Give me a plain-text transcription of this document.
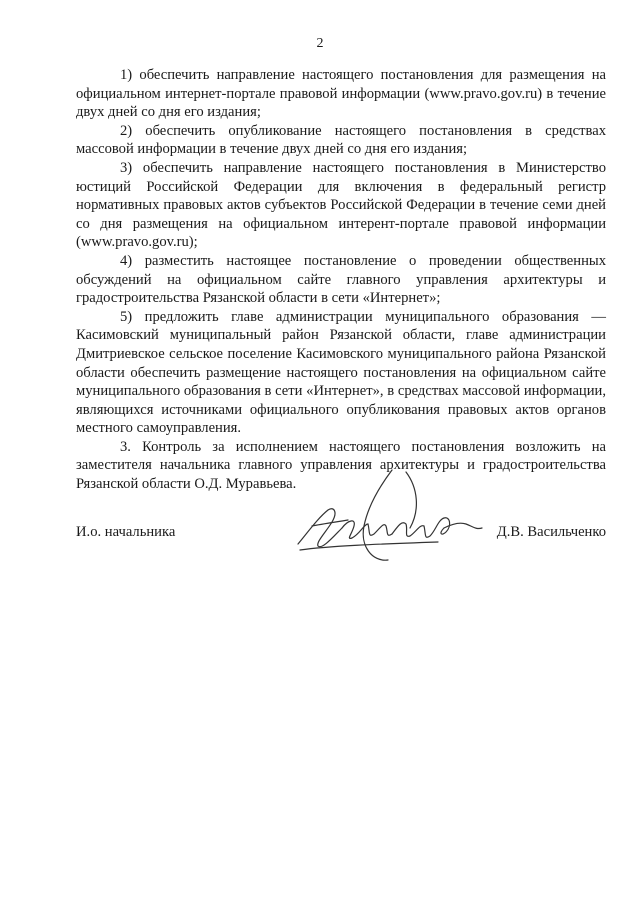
2

1) обеспечить направление настоящего постановления для размещения на официальном интернет-портале правовой информации (www.pravo.gov.ru) в течение двух дней со дня его издания;

2) обеспечить опубликование настоящего постановления в средствах массовой информации в течение двух дней со дня его издания;

3) обеспечить направление настоящего постановления в Министерство юстиций Российской Федерации для включения в федеральный регистр нормативных правовых актов субъектов Российской Федерации в течение семи дней со дня размещения на официальном интерент-портале правовой информации (www.pravo.gov.ru);

4) разместить настоящее постановление о проведении общественных обсуждений на официальном сайте главного управления архитектуры и градостроительства Рязанской области в сети «Интернет»;

5) предложить главе администрации муниципального образования — Касимовский муниципальный район Рязанской области, главе администрации Дмитриевское сельское поселение Касимовского муниципального района Рязанской области обеспечить размещение настоящего постановления на официальном сайте муниципального образования в сети «Интернет», в средствах массовой информации, являющихся источниками официального опубликования правовых актов органов местного самоуправления.

3. Контроль за исполнением настоящего постановления возложить на заместителя начальника главного управления архитектуры и градостроительства Рязанской области О.Д. Муравьева.

И.о. начальника	Д.В. Васильченко
